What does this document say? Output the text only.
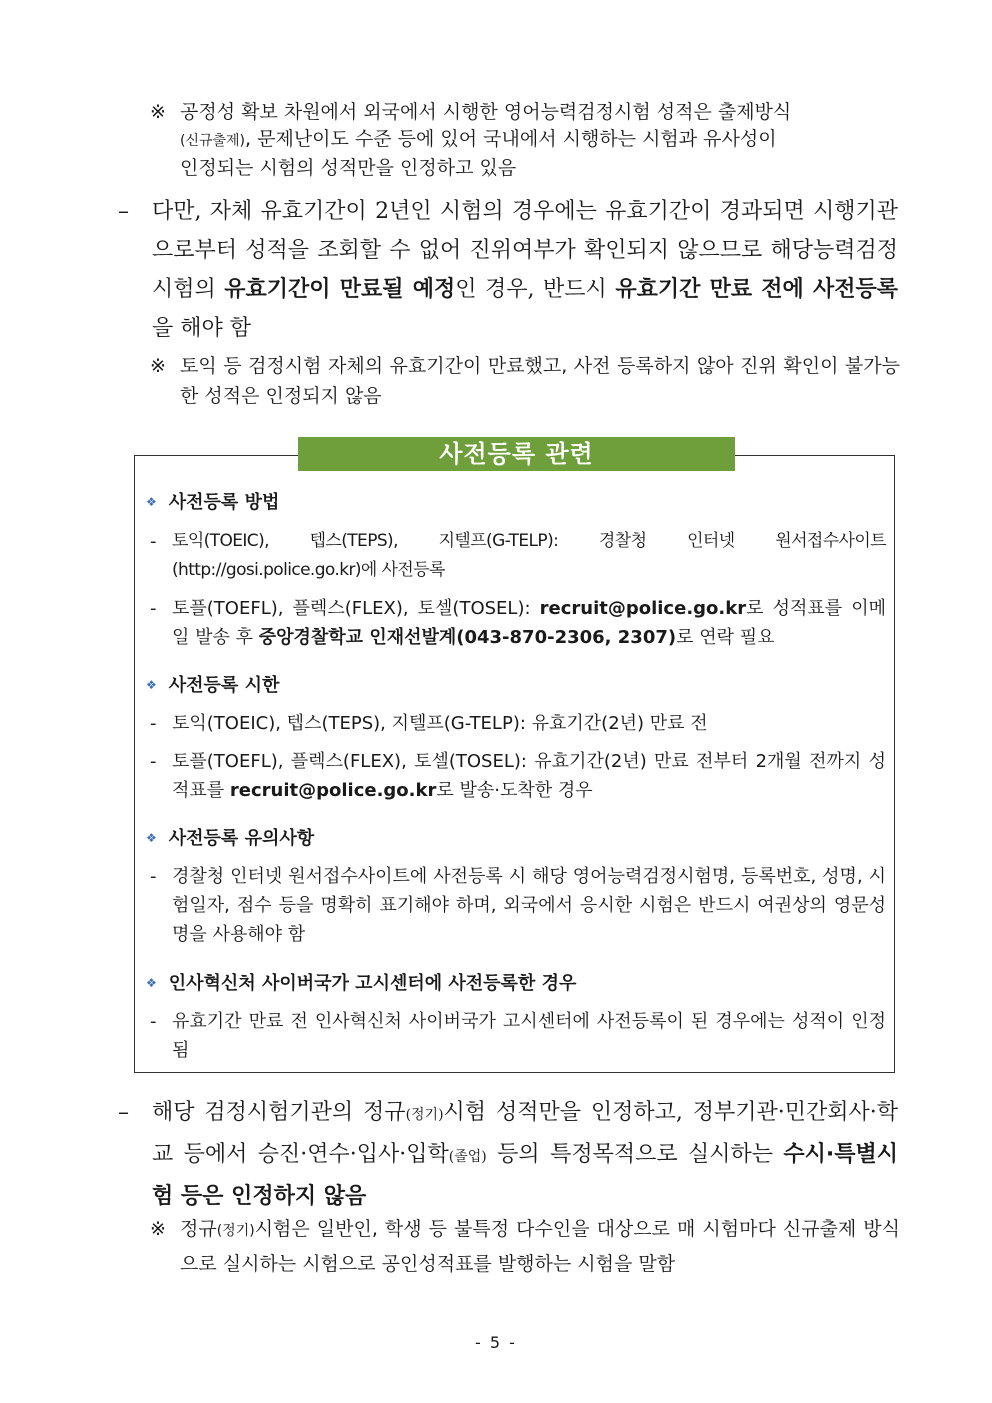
※ 공정성 확보 차원에서 외국에서 시행한 영어능력검정시험 성적은 출제방식
(신규출제), 문제난이도 수준 등에 있어 국내에서 시행하는 시험과 유사성이
인정되는 시험의 성적만을 인정하고 있음
–	다만, 자체 유효기간이 2년인 시험의 경우에는 유효기간이 경과되면 시행기관으로부터 성적을 조회할 수 없어 진위여부가 확인되지 않으므로 해당능력검정시험의 유효기간이 만료될 예정인 경우, 반드시 유효기간 만료 전에 사전등록을 해야 함
※ 토익 등 검정시험 자체의 유효기간이 만료했고, 사전 등록하지 않아 진위 확인이 불가능한 성적은 인정되지 않음
사전등록 관련
❖ 사전등록 방법
- 토익(TOEIC), 텝스(TEPS), 지텔프(G-TELP): 경찰청 인터넷 원서접수사이트(http://gosi.police.go.kr)에 사전등록
- 토플(TOEFL), 플렉스(FLEX), 토셀(TOSEL): recruit@police.go.kr로 성적표를 이메일 발송 후 중앙경찰학교 인재선발계(043-870-2306, 2307)로 연락 필요
❖ 사전등록 시한
- 토익(TOEIC), 텝스(TEPS), 지텔프(G-TELP): 유효기간(2년) 만료 전
- 토플(TOEFL), 플렉스(FLEX), 토셀(TOSEL): 유효기간(2년) 만료 전부터 2개월 전까지 성적표를 recruit@police.go.kr로 발송·도착한 경우
❖ 사전등록 유의사항
- 경찰청 인터넷 원서접수사이트에 사전등록 시 해당 영어능력검정시험명, 등록번호, 성명, 시험일자, 점수 등을 명확히 표기해야 하며, 외국에서 응시한 시험은 반드시 여권상의 영문성명을 사용해야 함
❖ 인사혁신처 사이버국가 고시센터에 사전등록한 경우
- 유효기간 만료 전 인사혁신처 사이버국가 고시센터에 사전등록이 된 경우에는 성적이 인정됨
–	해당 검정시험기관의 정규(정기)시험 성적만을 인정하고, 정부기관·민간회사·학교 등에서 승진·연수·입사·입학(졸업) 등의 특정목적으로 실시하는 수시·특별시험 등은 인정하지 않음
※ 정규(정기)시험은 일반인, 학생 등 불특정 다수인을 대상으로 매 시험마다 신규출제 방식으로 실시하는 시험으로 공인성적표를 발행하는 시험을 말함
- 5 -
